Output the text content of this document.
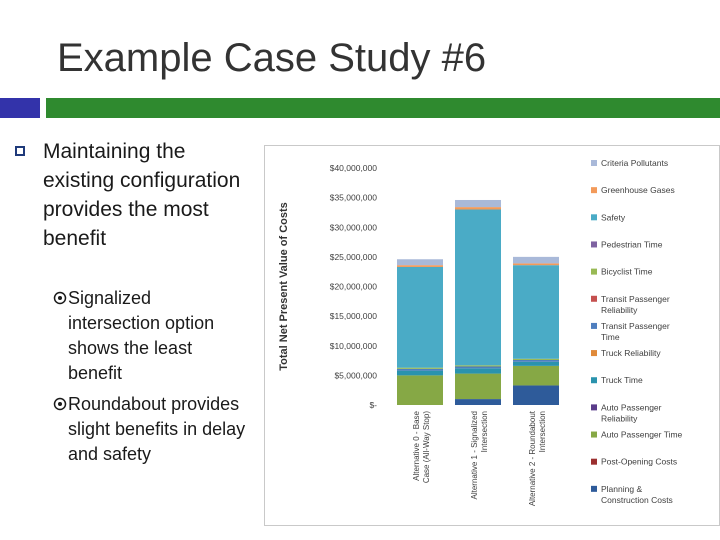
Example Case Study #6
Maintaining the existing configuration provides the most benefit
Signalized intersection option shows the least benefit
Roundabout provides slight benefits in delay and safety
$-
$5,000,000
$10,000,000
$15,000,000
$20,000,000
$25,000,000
$30,000,000
$35,000,000
$40,000,000
Total Net Present Value of Costs
Alternative 0 - BaseCase (All-Way Stop)	Alternative 1 - SignalizedIntersection	Alternative 2 - RoundaboutIntersection
Criteria Pollutants
Greenhouse Gases
Safety
Pedestrian Time
Bicyclist Time
Transit Passenger Reliability
Transit Passenger Time
Truck Reliability
Truck Time
Auto Passenger Reliability
Auto Passenger Time
Post-Opening Costs
Planning & Construction Costs
